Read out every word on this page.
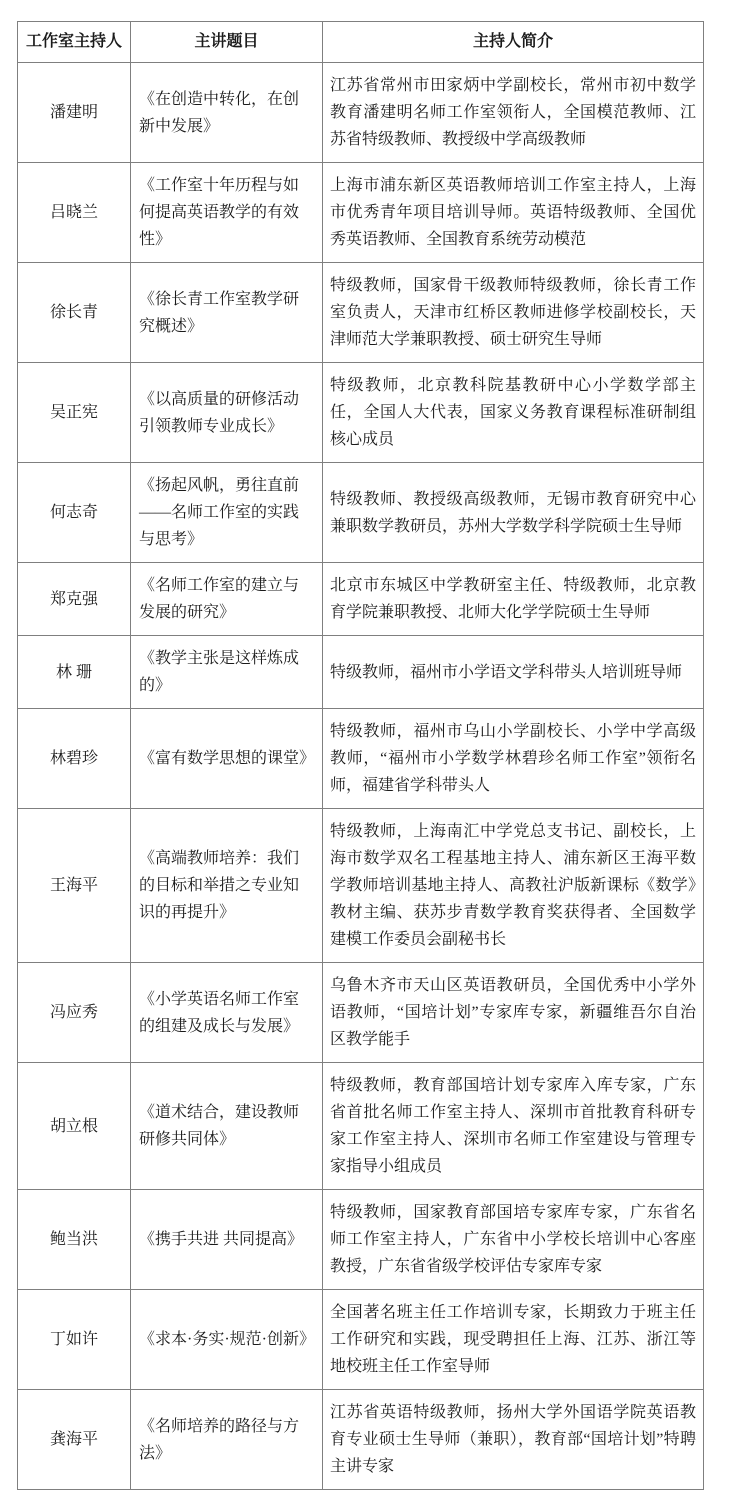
工作室主持人	主讲题目	主持人简介
潘建明	《在创造中转化，在创新中发展》	江苏省常州市田家炳中学副校长，常州市初中数学教育潘建明名师工作室领衔人，全国模范教师、江苏省特级教师、教授级中学高级教师
吕晓兰	《工作室十年历程与如何提高英语教学的有效性》	上海市浦东新区英语教师培训工作室主持人，上海市优秀青年项目培训导师。英语特级教师、全国优秀英语教师、全国教育系统劳动模范
徐长青	《徐长青工作室教学研究概述》	特级教师，国家骨干级教师特级教师，徐长青工作室负责人，天津市红桥区教师进修学校副校长，天津师范大学兼职教授、硕士研究生导师
吴正宪	《以高质量的研修活动引领教师专业成长》	特级教师，北京教科院基教研中心小学数学部主任，全国人大代表，国家义务教育课程标准研制组核心成员
何志奇	《扬起风帆，勇往直前——名师工作室的实践与思考》	特级教师、教授级高级教师，无锡市教育研究中心兼职数学教研员，苏州大学数学科学院硕士生导师
郑克强	《名师工作室的建立与发展的研究》	北京市东城区中学教研室主任、特级教师，北京教育学院兼职教授、北师大化学学院硕士生导师
林 珊	《教学主张是这样炼成的》	特级教师，福州市小学语文学科带头人培训班导师
林碧珍	《富有数学思想的课堂》	特级教师，福州市乌山小学副校长、小学中学高级教师，“福州市小学数学林碧珍名师工作室”领衔名师，福建省学科带头人
王海平	《高端教师培养：我们的目标和举措之专业知识的再提升》	特级教师，上海南汇中学党总支书记、副校长，上海市数学双名工程基地主持人、浦东新区王海平数学教师培训基地主持人、高教社沪版新课标《数学》教材主编、获苏步青数学教育奖获得者、全国数学建模工作委员会副秘书长
冯应秀	《小学英语名师工作室的组建及成长与发展》	乌鲁木齐市天山区英语教研员，全国优秀中小学外语教师，“国培计划”专家库专家，新疆维吾尔自治区教学能手
胡立根	《道术结合，建设教师研修共同体》	特级教师，教育部国培计划专家库入库专家，广东省首批名师工作室主持人、深圳市首批教育科研专家工作室主持人、深圳市名师工作室建设与管理专家指导小组成员
鲍当洪	《携手共进 共同提高》	特级教师，国家教育部国培专家库专家，广东省名师工作室主持人，广东省中小学校长培训中心客座教授，广东省省级学校评估专家库专家
丁如许	《求本·务实·规范·创新》	全国著名班主任工作培训专家，长期致力于班主任工作研究和实践，现受聘担任上海、江苏、浙江等地校班主任工作室导师
龚海平	《名师培养的路径与方法》	江苏省英语特级教师，扬州大学外国语学院英语教育专业硕士生导师（兼职），教育部“国培计划”特聘主讲专家
